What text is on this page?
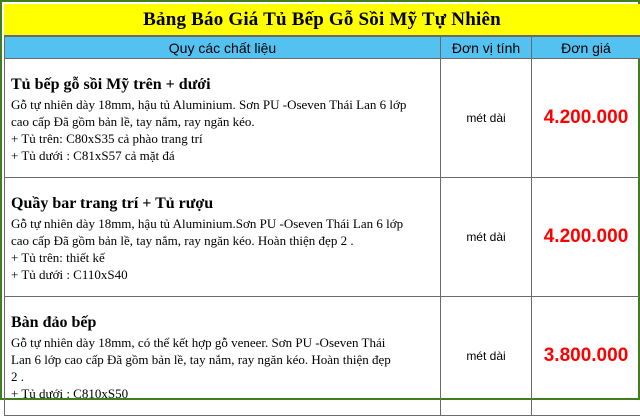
Bảng Báo Giá Tủ Bếp Gỗ Sồi Mỹ Tự Nhiên
Quy các chất liệu	Đơn vị tính	Đơn giá

Tủ bếp gỗ sồi Mỹ trên + dưới
Gỗ tự nhiên dày 18mm, hậu tủ Aluminium. Sơn PU -Oseven Thái Lan 6 lớp
cao cấp Đã gồm bản lề, tay nắm, ray ngăn kéo.
+ Tủ trên: C80xS35 cả phào trang trí
+ Tủ dưới : C81xS57 cả mặt đá	mét dài	4.200.000

Quầy bar trang trí + Tủ rượu
Gỗ tự nhiên dày 18mm, hậu tủ Aluminium.Sơn PU -Oseven Thái Lan 6 lớp
cao cấp Đã gồm bản lề, tay nắm, ray ngăn kéo. Hoàn thiện đẹp 2 .
+ Tủ trên: thiết kế
+ Tủ dưới : C110xS40	mét dài	4.200.000

Bàn đảo bếp
Gỗ tự nhiên dày 18mm, có thể kết hợp gỗ veneer. Sơn PU -Oseven Thái
Lan 6 lớp cao cấp Đã gồm bản lề, tay nắm, ray ngăn kéo. Hoàn thiện đẹp
2 .
+ Tủ dưới : C810xS50	mét dài	3.800.000
